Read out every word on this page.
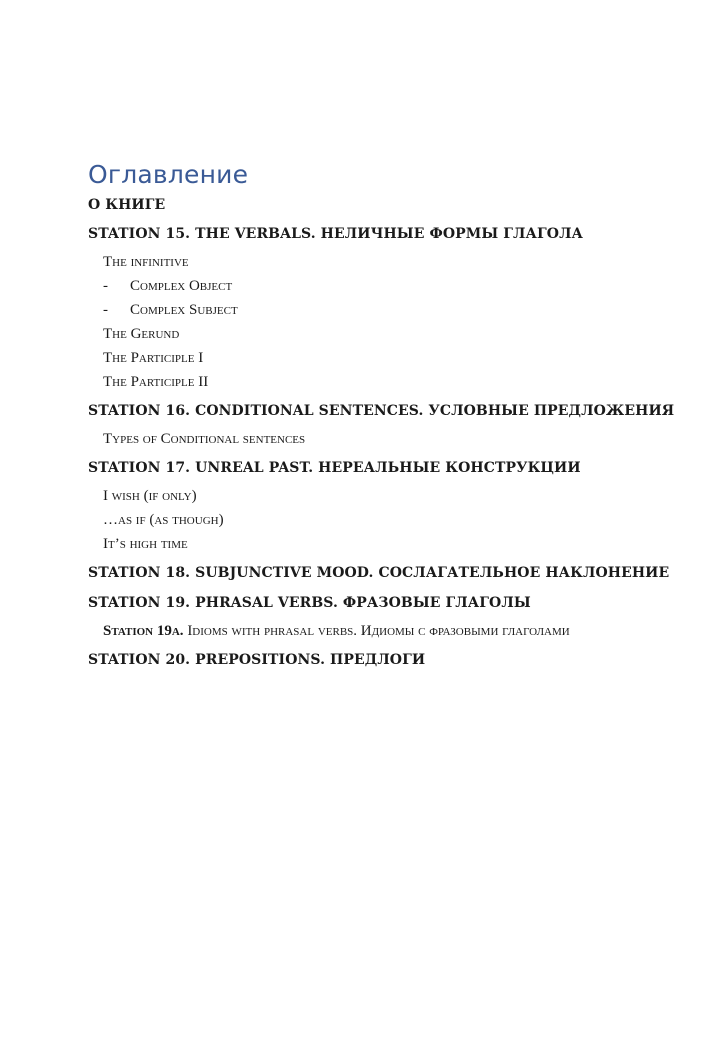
Оглавление
О КНИГЕ
STATION 15. THE VERBALS. НЕЛИЧНЫЕ ФОРМЫ ГЛАГОЛА
The infinitive
- Complex Object
- Complex Subject
The Gerund
The Participle I
The Participle II
STATION 16. CONDITIONAL SENTENCES. УСЛОВНЫЕ ПРЕДЛОЖЕНИЯ
Types of Conditional sentences
STATION 17. UNREAL PAST. НЕРЕАЛЬНЫЕ КОНСТРУКЦИИ
I wish (if only)
…as if (as though)
It’s high time
STATION 18. SUBJUNCTIVE MOOD. СОСЛАГАТЕЛЬНОЕ НАКЛОНЕНИЕ
STATION 19. PHRASAL VERBS. ФРАЗОВЫЕ ГЛАГОЛЫ
Station 19a. Idioms with phrasal verbs. Идиомы с фразовыми глаголами
STATION 20. PREPOSITIONS. ПРЕДЛОГИ
